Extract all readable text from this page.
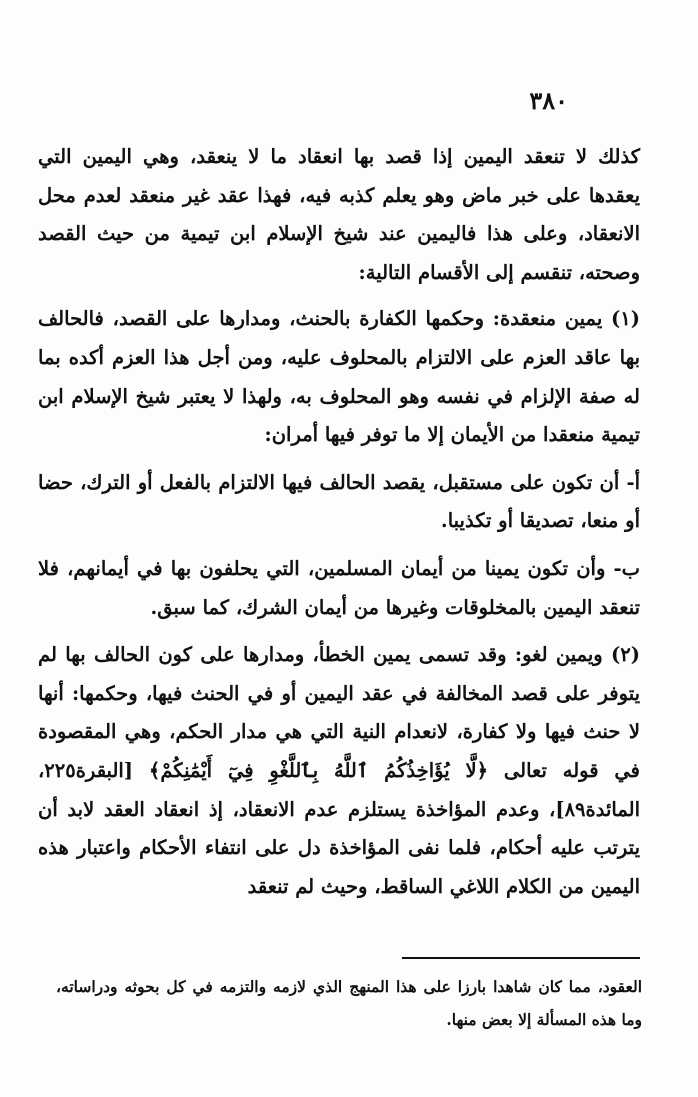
٣٨٠

كذلك لا تنعقد اليمين إذا قصد بها انعقاد ما لا ينعقد، وهي اليمين التي يعقدها على خبر ماض وهو يعلم كذبه فيه، فهذا عقد غير منعقد لعدم محل الانعقاد، وعلى هذا فاليمين عند شيخ الإسلام ابن تيمية من حيث القصد وصحته، تنقسم إلى الأقسام التالية:

(١) يمين منعقدة: وحكمها الكفارة بالحنث، ومدارها على القصد، فالحالف بها عاقد العزم على الالتزام بالمحلوف عليه، ومن أجل هذا العزم أكده بما له صفة الإلزام في نفسه وهو المحلوف به، ولهذا لا يعتبر شيخ الإسلام ابن تيمية منعقدا من الأيمان إلا ما توفر فيها أمران:

أ- أن تكون على مستقبل، يقصد الحالف فيها الالتزام بالفعل أو الترك، حضا أو منعا، تصديقا أو تكذيبا.

ب- وأن تكون يمينا من أيمان المسلمين، التي يحلفون بها في أيمانهم، فلا تنعقد اليمين بالمخلوقات وغيرها من أيمان الشرك، كما سبق.

(٢) ويمين لغو: وقد تسمى يمين الخطأ، ومدارها على كون الحالف بها لم يتوفر على قصد المخالفة في عقد اليمين أو في الحنث فيها، وحكمها: أنها لا حنث فيها ولا كفارة، لانعدام النية التي هي مدار الحكم، وهي المقصودة في قوله تعالى ﴿لَّا يُؤَاخِذُكُمُ ٱللَّهُ بِٱللَّغْوِ فِيٓ أَيْمَٰنِكُمْ﴾ [البقرة٢٢٥، المائدة٨٩]، وعدم المؤاخذة يستلزم عدم الانعقاد، إذ انعقاد العقد لابد أن يترتب عليه أحكام، فلما نفى المؤاخذة دل على انتفاء الأحكام واعتبار هذه اليمين من الكلام اللاغي الساقط، وحيث لم تنعقد

العقود، مما كان شاهدا بارزا على هذا المنهج الذي لازمه والتزمه في كل بحوثه ودراساته، وما هذه المسألة إلا بعض منها.
